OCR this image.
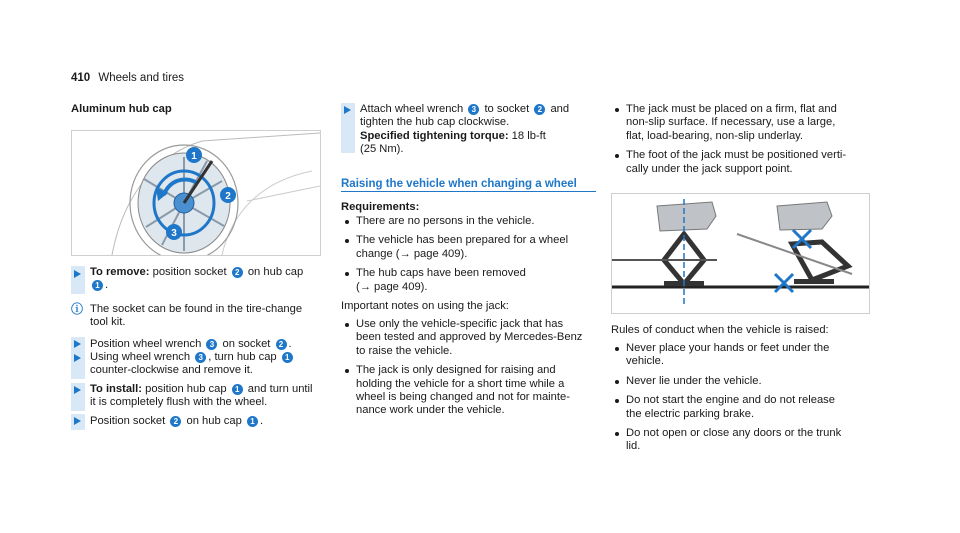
410 Wheels and tires
Aluminum hub cap
1
2
3
To remove: position socket 2 on hub cap
1 .
ⓘ The socket can be found in the tire-change
tool kit.
Position wheel wrench 3 on socket 2 .
Using wheel wrench 3 , turn hub cap 1
counter-clockwise and remove it.
To install: position hub cap 1 and turn until
it is completely flush with the wheel.
Position socket 2 on hub cap 1 .
Attach wheel wrench 3 to socket 2 and
tighten the hub cap clockwise.
Specified tightening torque: 18 lb-ft
(25 Nm).
Raising the vehicle when changing a wheel
Requirements:
There are no persons in the vehicle.
The vehicle has been prepared for a wheel
change (→ page 409).
The hub caps have been removed
(→ page 409).
Important notes on using the jack:
Use only the vehicle-specific jack that has
been tested and approved by Mercedes-Benz
to raise the vehicle.
The jack is only designed for raising and
holding the vehicle for a short time while a
wheel is being changed and not for mainte-
nance work under the vehicle.
The jack must be placed on a firm, flat and
non-slip surface. If necessary, use a large,
flat, load-bearing, non-slip underlay.
The foot of the jack must be positioned verti-
cally under the jack support point.
Rules of conduct when the vehicle is raised:
Never place your hands or feet under the
vehicle.
Never lie under the vehicle.
Do not start the engine and do not release
the electric parking brake.
Do not open or close any doors or the trunk
lid.
